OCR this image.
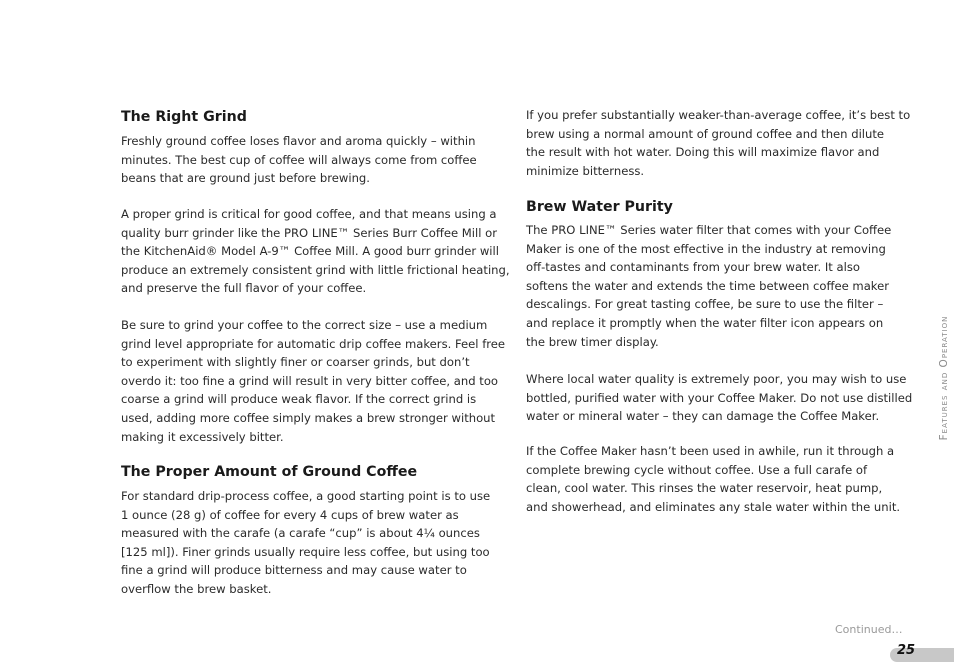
The Right Grind
Freshly ground coffee loses flavor and aroma quickly – within
minutes. The best cup of coffee will always come from coffee
beans that are ground just before brewing.
A proper grind is critical for good coffee, and that means using a
quality burr grinder like the PRO LINE™ Series Burr Coffee Mill or
the KitchenAid® Model A-9™ Coffee Mill. A good burr grinder will
produce an extremely consistent grind with little frictional heating,
and preserve the full flavor of your coffee.
Be sure to grind your coffee to the correct size – use a medium
grind level appropriate for automatic drip coffee makers. Feel free
to experiment with slightly finer or coarser grinds, but don’t
overdo it: too fine a grind will result in very bitter coffee, and too
coarse a grind will produce weak flavor. If the correct grind is
used, adding more coffee simply makes a brew stronger without
making it excessively bitter.
The Proper Amount of Ground Coffee
For standard drip-process coffee, a good starting point is to use
1 ounce (28 g) of coffee for every 4 cups of brew water as
measured with the carafe (a carafe “cup” is about 4¼ ounces
[125 ml]). Finer grinds usually require less coffee, but using too
fine a grind will produce bitterness and may cause water to
overflow the brew basket.
If you prefer substantially weaker-than-average coffee, it’s best to
brew using a normal amount of ground coffee and then dilute
the result with hot water. Doing this will maximize flavor and
minimize bitterness.
Brew Water Purity
The PRO LINE™ Series water filter that comes with your Coffee
Maker is one of the most effective in the industry at removing
off-tastes and contaminants from your brew water. It also
softens the water and extends the time between coffee maker
descalings. For great tasting coffee, be sure to use the filter –
and replace it promptly when the water filter icon appears on
the brew timer display.
Where local water quality is extremely poor, you may wish to use
bottled, purified water with your Coffee Maker. Do not use distilled
water or mineral water – they can damage the Coffee Maker.
If the Coffee Maker hasn’t been used in awhile, run it through a
complete brewing cycle without coffee. Use a full carafe of
clean, cool water. This rinses the water reservoir, heat pump,
and showerhead, and eliminates any stale water within the unit.
Features and Operation
Continued…
25
